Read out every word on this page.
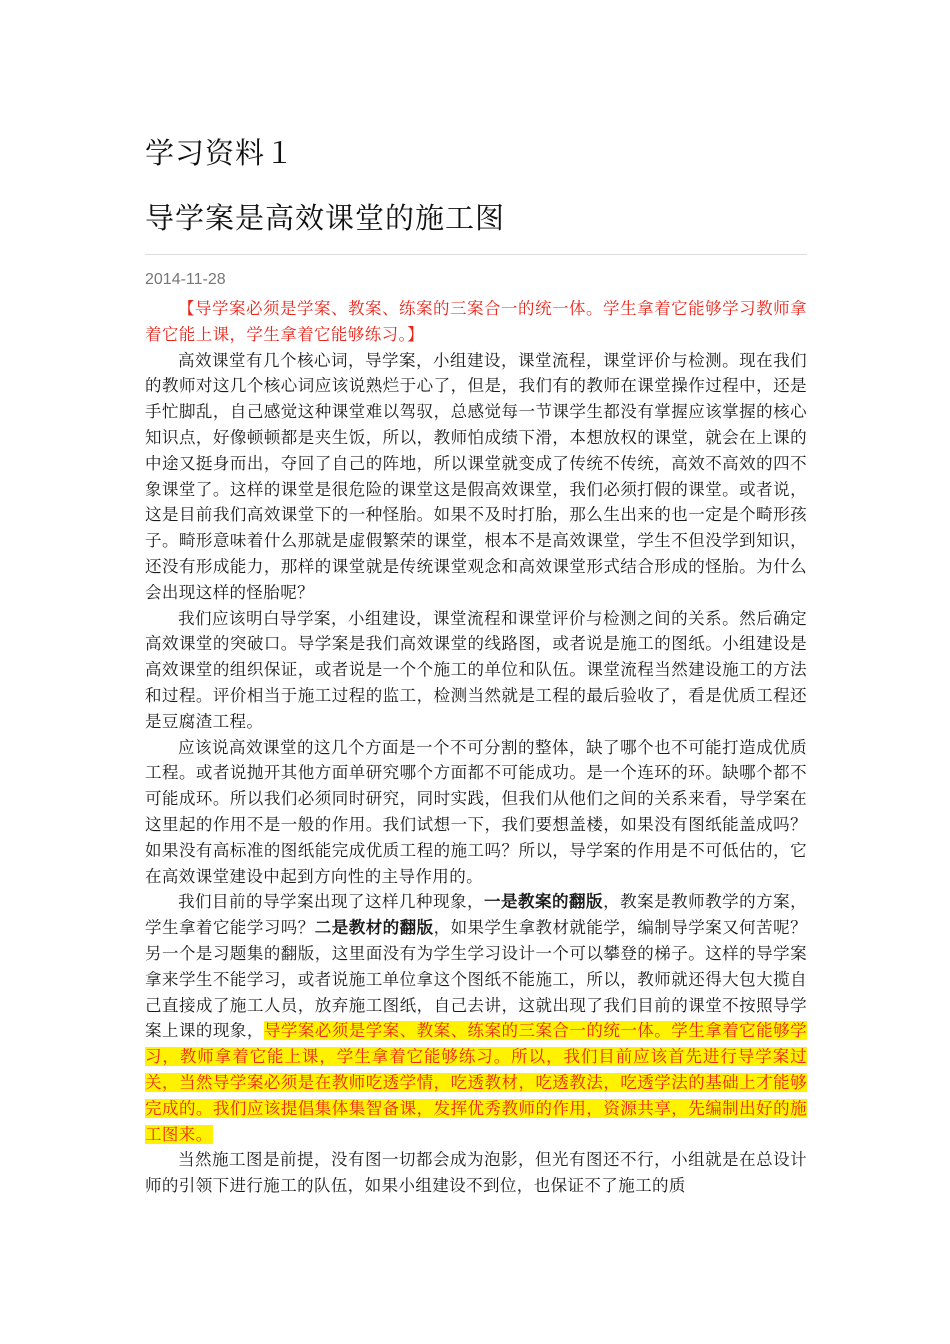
学习资料１
导学案是高效课堂的施工图
2014-11-28

【导学案必须是学案、教案、练案的三案合一的统一体。学生拿着它能够学习教师拿着它能上课，学生拿着它能够练习。】

高效课堂有几个核心词，导学案，小组建设，课堂流程，课堂评价与检测。现在我们的教师对这几个核心词应该说熟烂于心了，但是，我们有的教师在课堂操作过程中，还是手忙脚乱，自己感觉这种课堂难以驾驭，总感觉每一节课学生都没有掌握应该掌握的核心知识点，好像顿顿都是夹生饭，所以，教师怕成绩下滑，本想放权的课堂，就会在上课的中途又挺身而出，夺回了自己的阵地，所以课堂就变成了传统不传统，高效不高效的四不象课堂了。这样的课堂是很危险的课堂这是假高效课堂，我们必须打假的课堂。或者说，这是目前我们高效课堂下的一种怪胎。如果不及时打胎，那么生出来的也一定是个畸形孩子。畸形意味着什么那就是虚假繁荣的课堂，根本不是高效课堂，学生不但没学到知识，还没有形成能力，那样的课堂就是传统课堂观念和高效课堂形式结合形成的怪胎。为什么会出现这样的怪胎呢？

我们应该明白导学案，小组建设，课堂流程和课堂评价与检测之间的关系。然后确定高效课堂的突破口。导学案是我们高效课堂的线路图，或者说是施工的图纸。小组建设是高效课堂的组织保证，或者说是一个个施工的单位和队伍。课堂流程当然建设施工的方法和过程。评价相当于施工过程的监工，检测当然就是工程的最后验收了，看是优质工程还是豆腐渣工程。

应该说高效课堂的这几个方面是一个不可分割的整体，缺了哪个也不可能打造成优质工程。或者说抛开其他方面单研究哪个方面都不可能成功。是一个连环的环。缺哪个都不可能成环。所以我们必须同时研究，同时实践，但我们从他们之间的关系来看，导学案在这里起的作用不是一般的作用。我们试想一下，我们要想盖楼，如果没有图纸能盖成吗？如果没有高标准的图纸能完成优质工程的施工吗？所以，导学案的作用是不可低估的，它在高效课堂建设中起到方向性的主导作用的。

我们目前的导学案出现了这样几种现象，一是教案的翻版，教案是教师教学的方案，学生拿着它能学习吗？二是教材的翻版，如果学生拿教材就能学，编制导学案又何苦呢？另一个是习题集的翻版，这里面没有为学生学习设计一个可以攀登的梯子。这样的导学案拿来学生不能学习，或者说施工单位拿这个图纸不能施工，所以，教师就还得大包大揽自己直接成了施工人员，放弃施工图纸，自己去讲，这就出现了我们目前的课堂不按照导学案上课的现象，导学案必须是学案、教案、练案的三案合一的统一体。学生拿着它能够学习，教师拿着它能上课，学生拿着它能够练习。所以，我们目前应该首先进行导学案过关，当然导学案必须是在教师吃透学情，吃透教材，吃透教法，吃透学法的基础上才能够完成的。我们应该提倡集体集智备课，发挥优秀教师的作用，资源共享，先编制出好的施工图来。

当然施工图是前提，没有图一切都会成为泡影，但光有图还不行，小组就是在总设计师的引领下进行施工的队伍，如果小组建设不到位，也保证不了施工的质
